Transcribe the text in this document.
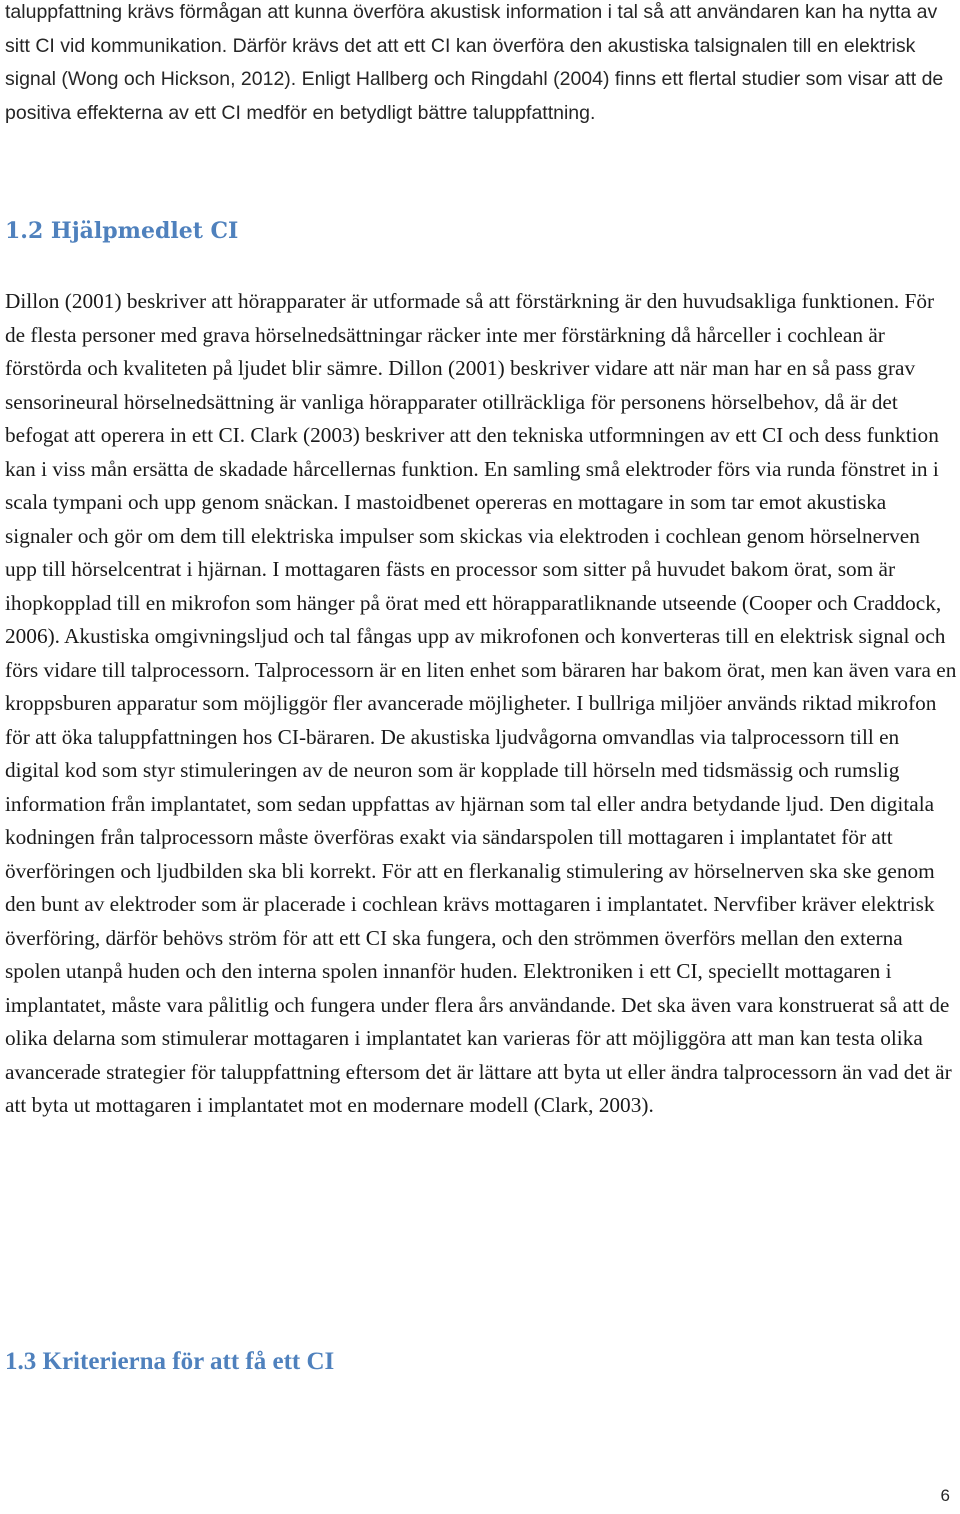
taluppfattning krävs förmågan att kunna överföra akustisk information i tal så att användaren kan ha nytta av sitt CI vid kommunikation. Därför krävs det att ett CI kan överföra den akustiska talsignalen till en elektrisk signal (Wong och Hickson, 2012). Enligt Hallberg och Ringdahl (2004) finns ett flertal studier som visar att de positiva effekterna av ett CI medför en betydligt bättre taluppfattning.

1.2 Hjälpmedlet CI

Dillon (2001) beskriver att hörapparater är utformade så att förstärkning är den huvudsakliga funktionen. För de flesta personer med grava hörselnedsättningar räcker inte mer förstärkning då hårceller i cochlean är förstörda och kvaliteten på ljudet blir sämre. Dillon (2001) beskriver vidare att när man har en så pass grav sensorineural hörselnedsättning är vanliga hörapparater otillräckliga för personens hörselbehov, då är det befogat att operera in ett CI. Clark (2003) beskriver att den tekniska utformningen av ett CI och dess funktion kan i viss mån ersätta de skadade hårcellernas funktion. En samling små elektroder förs via runda fönstret in i scala tympani och upp genom snäckan. I mastoidbenet opereras en mottagare in som tar emot akustiska signaler och gör om dem till elektriska impulser som skickas via elektroden i cochlean genom hörselnerven upp till hörselcentrat i hjärnan. I mottagaren fästs en processor som sitter på huvudet bakom örat, som är ihopkopplad till en mikrofon som hänger på örat med ett hörapparatliknande utseende (Cooper och Craddock, 2006). Akustiska omgivningsljud och tal fångas upp av mikrofonen och konverteras till en elektrisk signal och förs vidare till talprocessorn. Talprocessorn är en liten enhet som bäraren har bakom örat, men kan även vara en kroppsburen apparatur som möjliggör fler avancerade möjligheter. I bullriga miljöer används riktad mikrofon för att öka taluppfattningen hos CI-bäraren. De akustiska ljudvågorna omvandlas via talprocessorn till en digital kod som styr stimuleringen av de neuron som är kopplade till hörseln med tidsmässig och rumslig information från implantatet, som sedan uppfattas av hjärnan som tal eller andra betydande ljud. Den digitala kodningen från talprocessorn måste överföras exakt via sändarspolen till mottagaren i implantatet för att överföringen och ljudbilden ska bli korrekt. För att en flerkanalig stimulering av hörselnerven ska ske genom den bunt av elektroder som är placerade i cochlean krävs mottagaren i implantatet. Nervfiber kräver elektrisk överföring, därför behövs ström för att ett CI ska fungera, och den strömmen överförs mellan den externa spolen utanpå huden och den interna spolen innanför huden. Elektroniken i ett CI, speciellt mottagaren i implantatet, måste vara pålitlig och fungera under flera års användande. Det ska även vara konstruerat så att de olika delarna som stimulerar mottagaren i implantatet kan varieras för att möjliggöra att man kan testa olika avancerade strategier för taluppfattning eftersom det är lättare att byta ut eller ändra talprocessorn än vad det är att byta ut mottagaren i implantatet mot en modernare modell (Clark, 2003).

1.3 Kriterierna för att få ett CI
6
